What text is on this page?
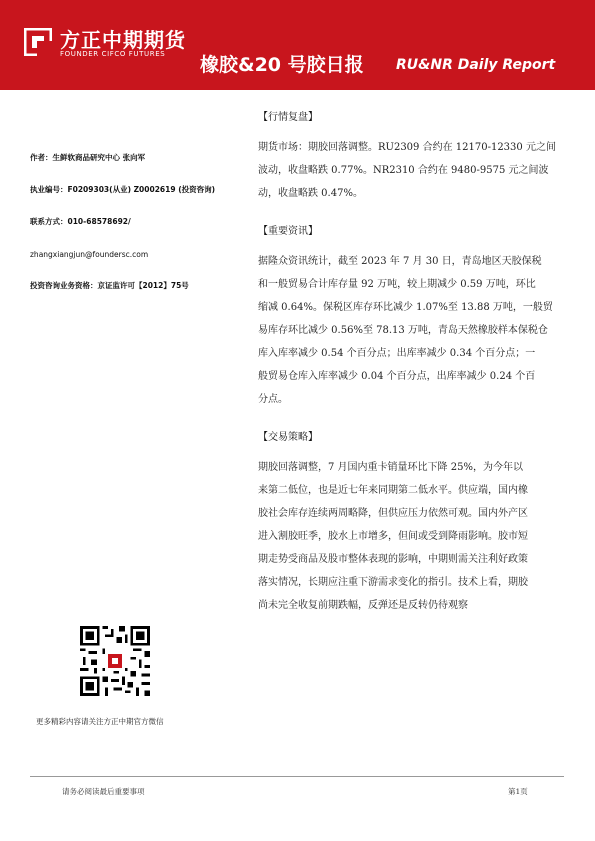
方正中期期货
FOUNDER CIFCO FUTURES 橡胶&20 号胶日报 RU&NR Daily Report
作者：生鲜软商品研究中心 张向军
执业编号：F0209303(从业) Z0002619 (投资咨询)
联系方式：010-68578692/
zhangxiangjun@foundersc.com
投资咨询业务资格：京证监许可【2012】75号
【行情复盘】
期货市场：期胶回落调整。RU2309 合约在 12170-12330 元之间
波动，收盘略跌 0.77%。NR2310 合约在 9480-9575 元之间波
动，收盘略跌 0.47%。
【重要资讯】
据隆众资讯统计，截至 2023 年 7 月 30 日，青岛地区天胶保税
和一般贸易合计库存量 92 万吨，较上期减少 0.59 万吨，环比
缩减 0.64%。保税区库存环比减少 1.07%至 13.88 万吨，一般贸
易库存环比减少 0.56%至 78.13 万吨，青岛天然橡胶样本保税仓
库入库率减少 0.54 个百分点；出库率减少 0.34 个百分点；一
般贸易仓库入库率减少 0.04 个百分点，出库率减少 0.24 个百
分点。
【交易策略】
期胶回落调整，7 月国内重卡销量环比下降 25%，为今年以
来第二低位，也是近七年来同期第二低水平。供应端，国内橡
胶社会库存连续两周略降，但供应压力依然可观。国内外产区
进入割胶旺季，胶水上市增多，但间或受到降雨影响。胶市短
期走势受商品及股市整体表现的影响，中期则需关注利好政策
落实情况，长期应注重下游需求变化的指引。技术上看，期胶
尚未完全收复前期跌幅，反弹还是反转仍待观察
更多精彩内容请关注方正中期官方微信
请务必阅读最后重要事项	第1页
